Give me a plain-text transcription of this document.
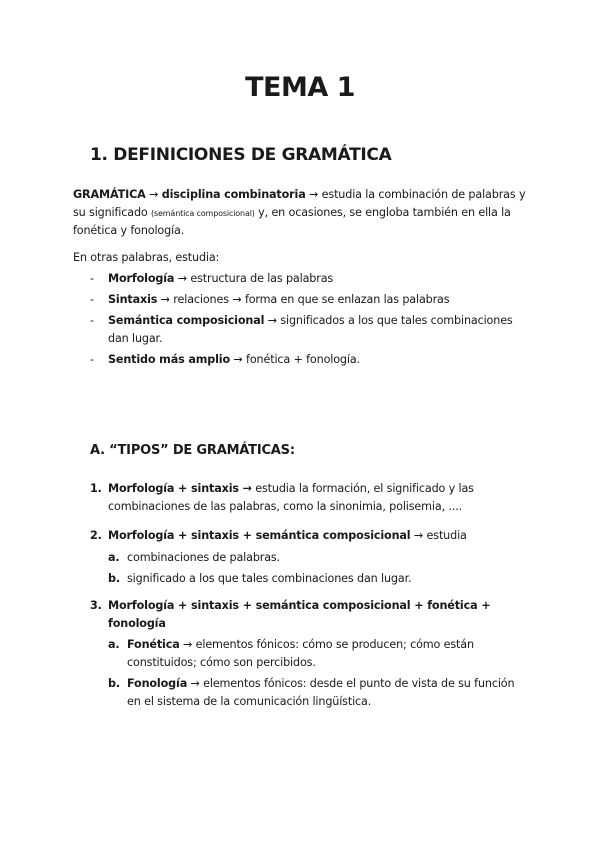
TEMA 1
1. DEFINICIONES DE GRAMÁTICA
GRAMÁTICA → disciplina combinatoria → estudia la combinación de palabras y su significado (semántica composicional) y, en ocasiones, se engloba también en ella la fonética y fonología.
En otras palabras, estudia:
- Morfología → estructura de las palabras
- Sintaxis → relaciones → forma en que se enlazan las palabras
- Semántica composicional → significados a los que tales combinaciones dan lugar.
- Sentido más amplio → fonética + fonología.
A. “TIPOS” DE GRAMÁTICAS:
1. Morfología + sintaxis → estudia la formación, el significado y las combinaciones de las palabras, como la sinonimia, polisemia, ....
2. Morfología + sintaxis + semántica composicional → estudia
a. combinaciones de palabras.
b. significado a los que tales combinaciones dan lugar.
3. Morfología + sintaxis + semántica composicional + fonética + fonología
a. Fonética → elementos fónicos: cómo se producen; cómo están constituidos; cómo son percibidos.
b. Fonología → elementos fónicos: desde el punto de vista de su función en el sistema de la comunicación lingüística.
